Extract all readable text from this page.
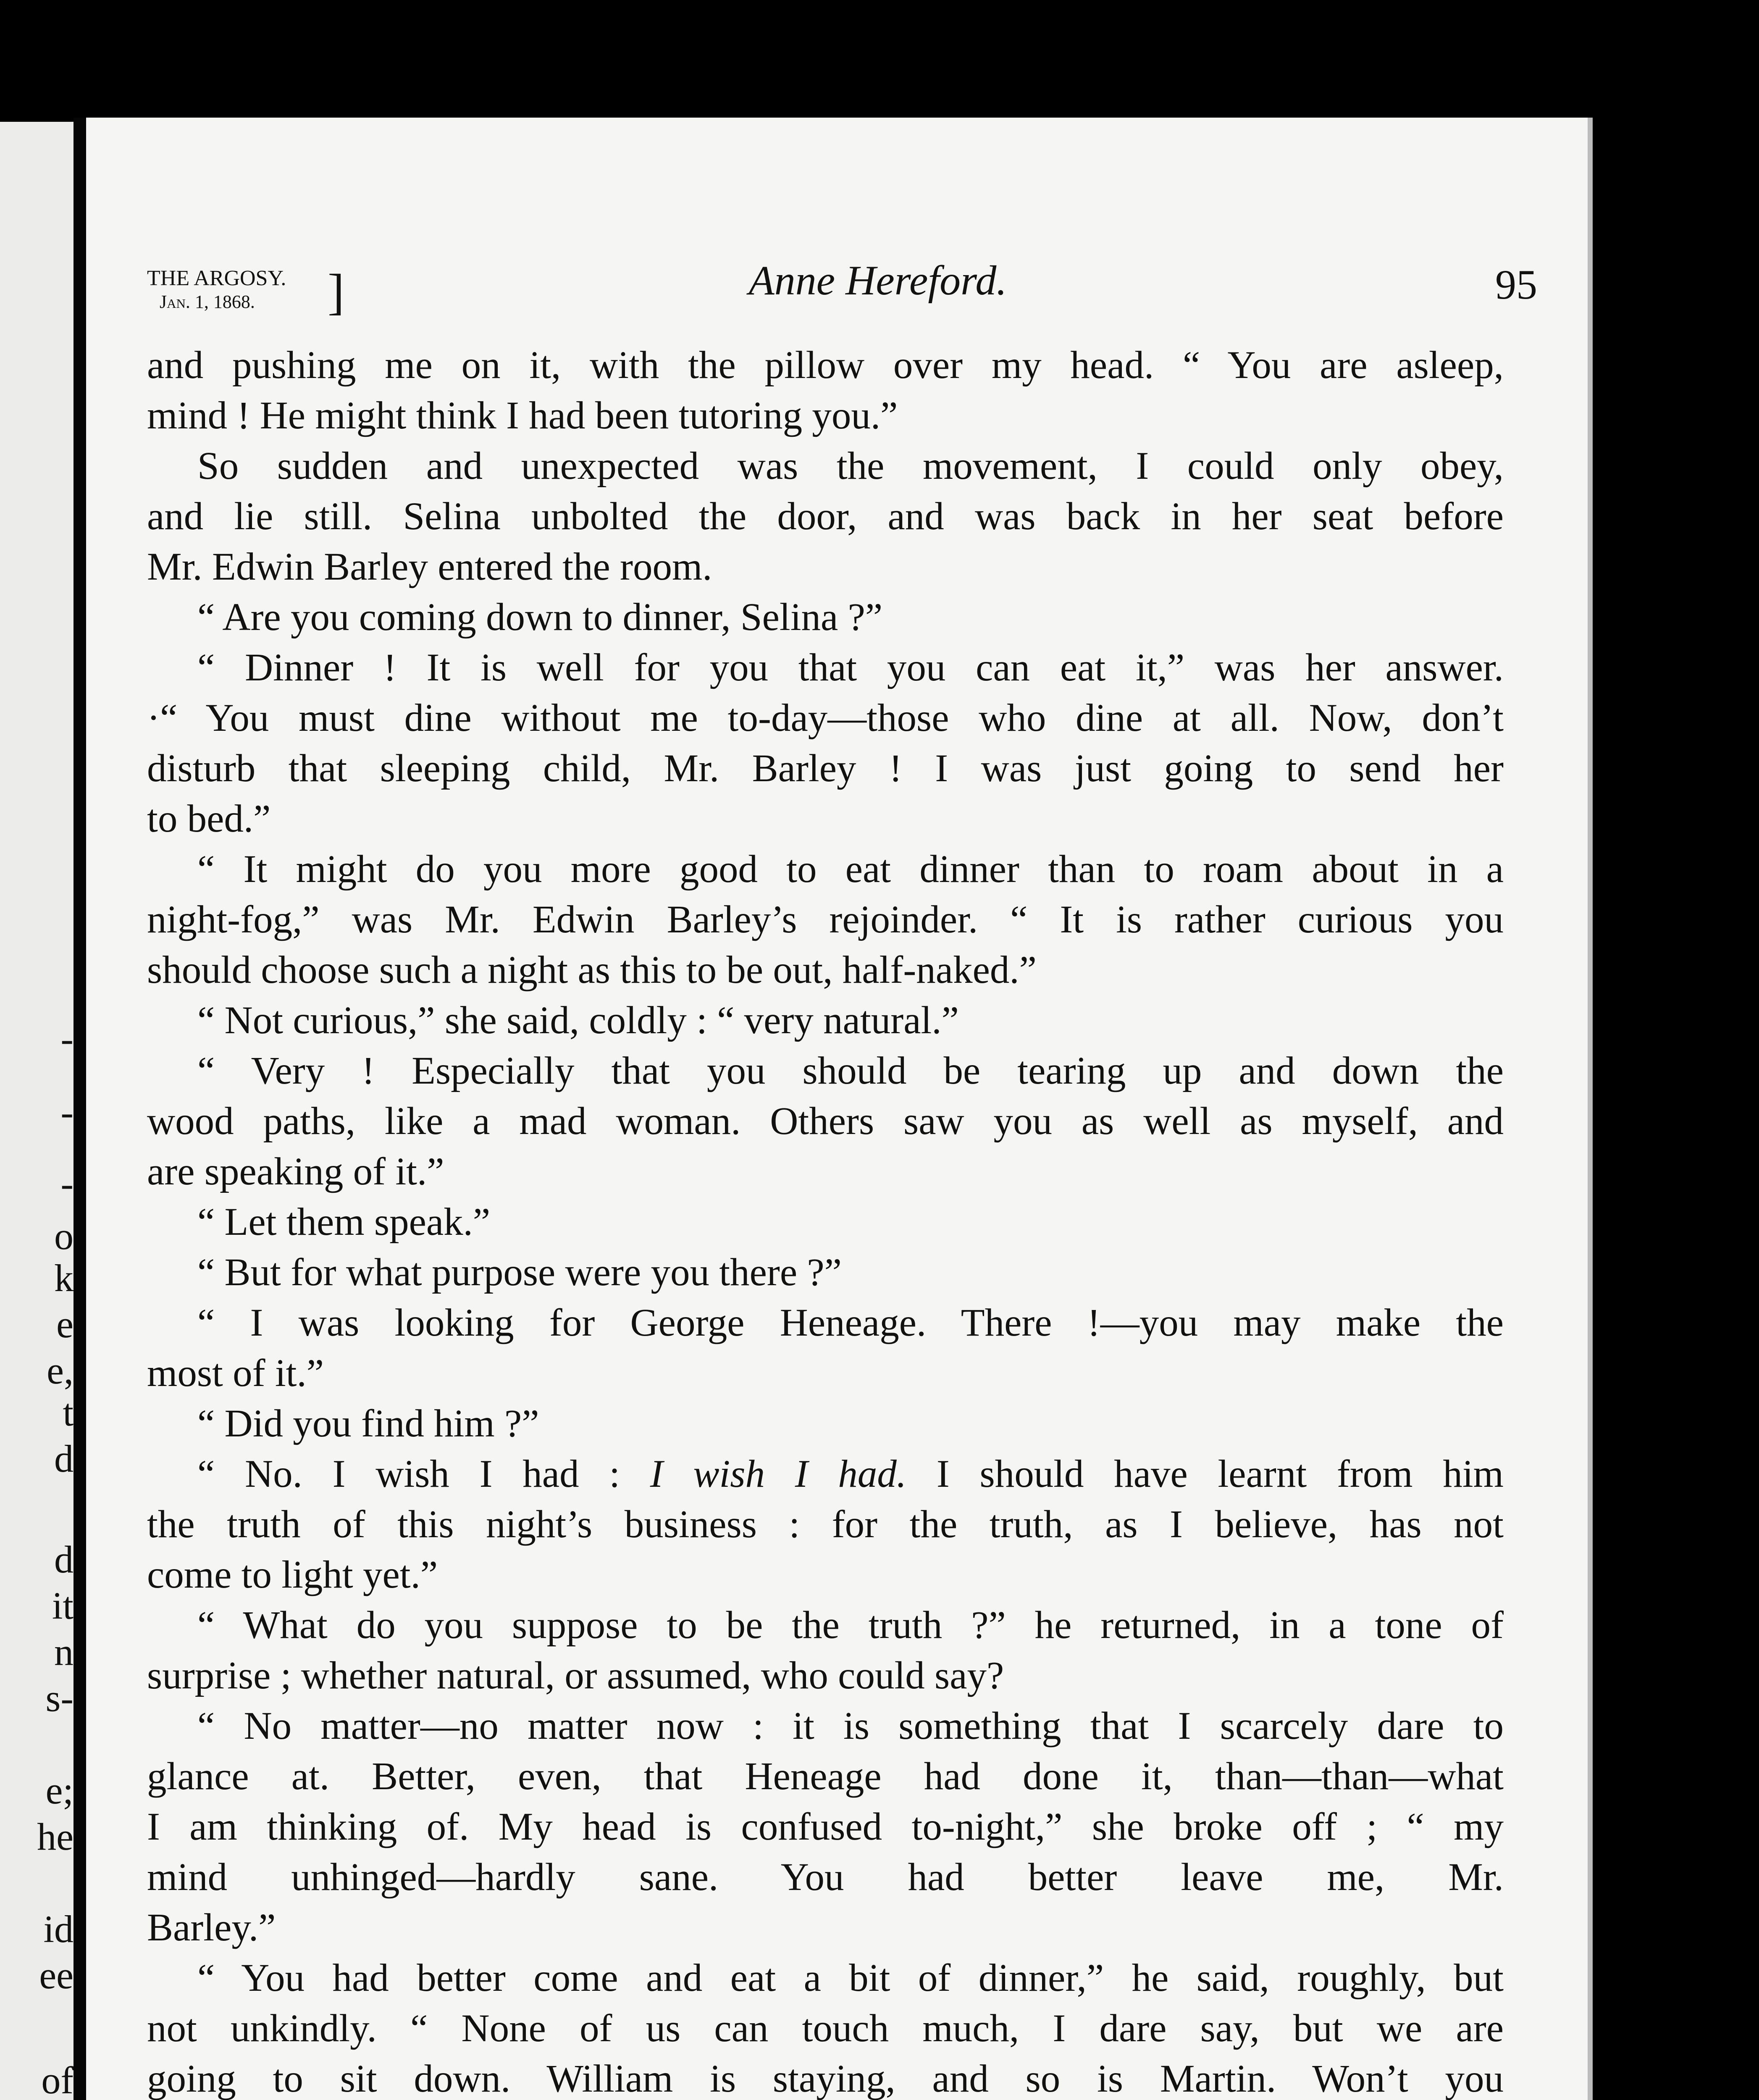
-
-
-
o
k
e
e,
t
d
d
it
n
s-
e;
he
id
ee
of
THE ARGOSY.
Jan. 1, 1868.	]	Anne Hereford.	95
and pushing me on it, with the pillow over my head. “ You are asleep,
mind ! He might think I had been tutoring you.”
So sudden and unexpected was the movement, I could only obey,
and lie still. Selina unbolted the door, and was back in her seat before
Mr. Edwin Barley entered the room.
“ Are you coming down to dinner, Selina ?”
“ Dinner ! It is well for you that you can eat it,” was her answer.
·“ You must dine without me to-day—those who dine at all. Now, don’t
disturb that sleeping child, Mr. Barley ! I was just going to send her
to bed.”
“ It might do you more good to eat dinner than to roam about in a
night-fog,” was Mr. Edwin Barley’s rejoinder. “ It is rather curious you
should choose such a night as this to be out, half-naked.”
“ Not curious,” she said, coldly : “ very natural.”
“ Very ! Especially that you should be tearing up and down the
wood paths, like a mad woman. Others saw you as well as myself, and
are speaking of it.”
“ Let them speak.”
“ But for what purpose were you there ?”
“ I was looking for George Heneage. There !—you may make the
most of it.”
“ Did you find him ?”
“ No. I wish I had : I wish I had. I should have learnt from him
the truth of this night’s business : for the truth, as I believe, has not
come to light yet.”
“ What do you suppose to be the truth ?” he returned, in a tone of
surprise ; whether natural, or assumed, who could say?
“ No matter—no matter now : it is something that I scarcely dare to
glance at. Better, even, that Heneage had done it, than—than—what
I am thinking of. My head is confused to-night,” she broke off ; “ my
mind unhinged—hardly sane. You had better leave me, Mr.
Barley.”
“ You had better come and eat a bit of dinner,” he said, roughly, but
not unkindly. “ None of us can touch much, I dare say, but we are
going to sit down. William is staying, and so is Martin. Won’t you
